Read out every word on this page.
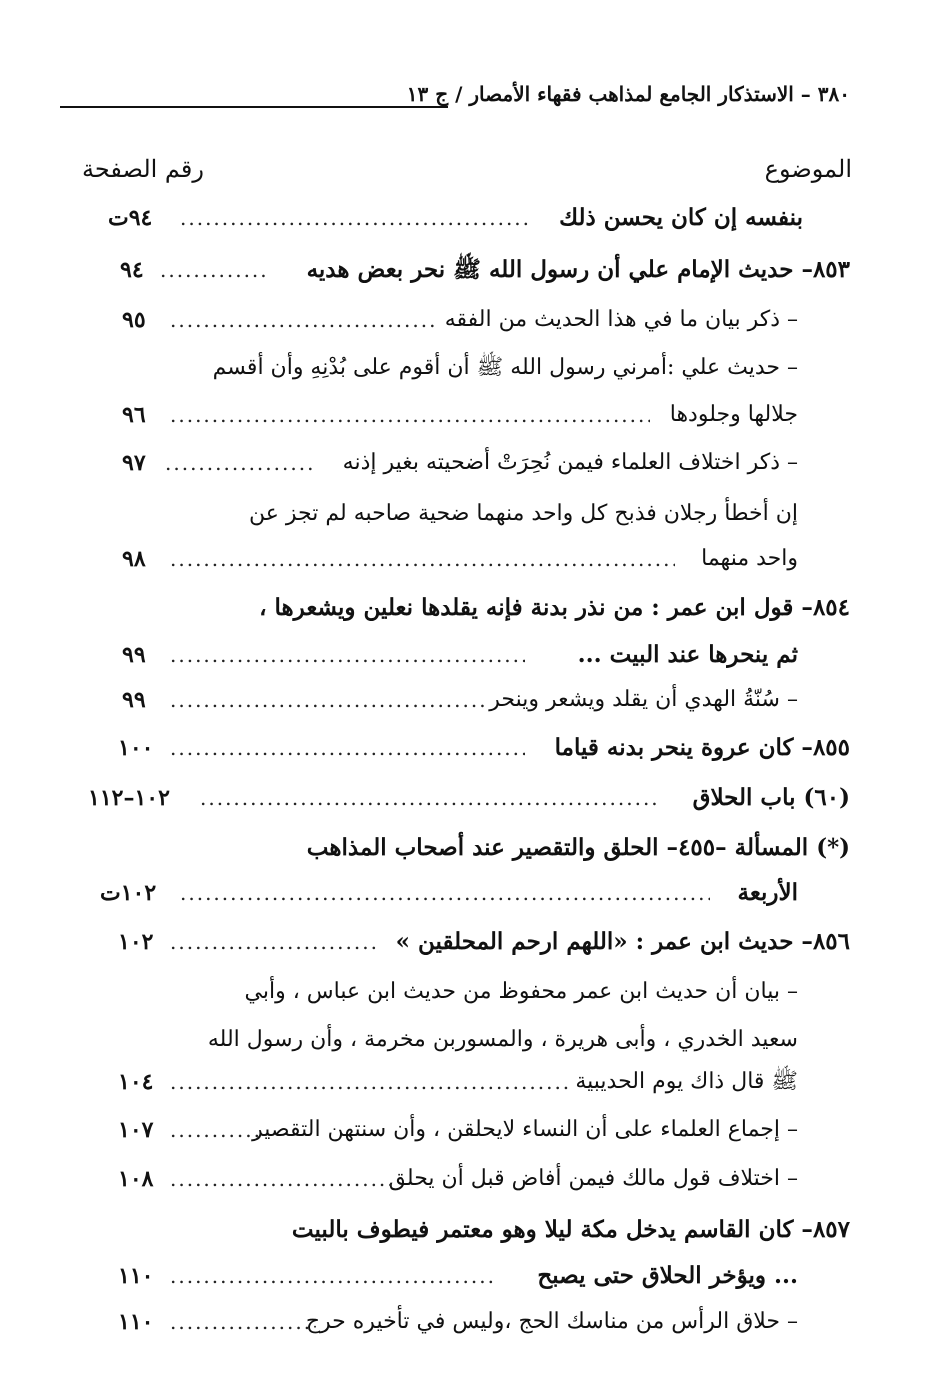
٣٨٠ – الاستذكار الجامع لمذاهب فقهاء الأمصار / ج ١٣
الموضوع
رقم الصفحة
بنفسه إن كان يحسن ذلك
.....
٩٤ت
٨٥٣– حديث الإمام علي أن رسول الله ﷺ نحر بعض هديه
.....
٩٤
– ذكر بيان ما في هذا الحديث من الفقه
.....
٩٥
– حديث علي :أمرني رسول الله ﷺ أن أقوم على بُدْنِهِ وأن أقسم
جلالها وجلودها
.....
٩٦
– ذكر اختلاف العلماء فيمن نُحِرَتْ أضحيته بغير إذنه
.....
٩٧
إن أخطأ رجلان فذبح كل واحد منهما ضحية صاحبه لم تجز عن
واحد منهما
.....
٩٨
٨٥٤– قول ابن عمر : من نذر بدنة فإنه يقلدها نعلين ويشعرها ،
ثم ينحرها عند البيت ...
.....
٩٩
– سُنّةُ الهدي أن يقلد ويشعر وينحر
.....
٩٩
٨٥٥– كان عروة ينحر بدنه قياما
.....
١٠٠
(٦٠) باب الحلاق
.....
١٠٢–١١٢
(*) المسألة –٤٥٥– الحلق والتقصير عند أصحاب المذاهب
الأربعة
.....
١٠٢ت
٨٥٦– حديث ابن عمر : «اللهم ارحم المحلقين »
.....
١٠٢
– بيان أن حديث ابن عمر محفوظ من حديث ابن عباس ، وأبي
سعيد الخدري ، وأبى هريرة ، والمسوربن مخرمة ، وأن رسول الله
ﷺ قال ذاك يوم الحديبية
.....
١٠٤
– إجماع العلماء على أن النساء لايحلقن ، وأن سنتهن التقصير
.....
١٠٧
– اختلاف قول مالك فيمن أفاض قبل أن يحلق
.....
١٠٨
٨٥٧– كان القاسم يدخل مكة ليلا وهو معتمر فيطوف بالبيت
... ويؤخر الحلاق حتى يصبح
.....
١١٠
– حلاق الرأس من مناسك الحج ،وليس في تأخيره حرج
.....
١١٠
